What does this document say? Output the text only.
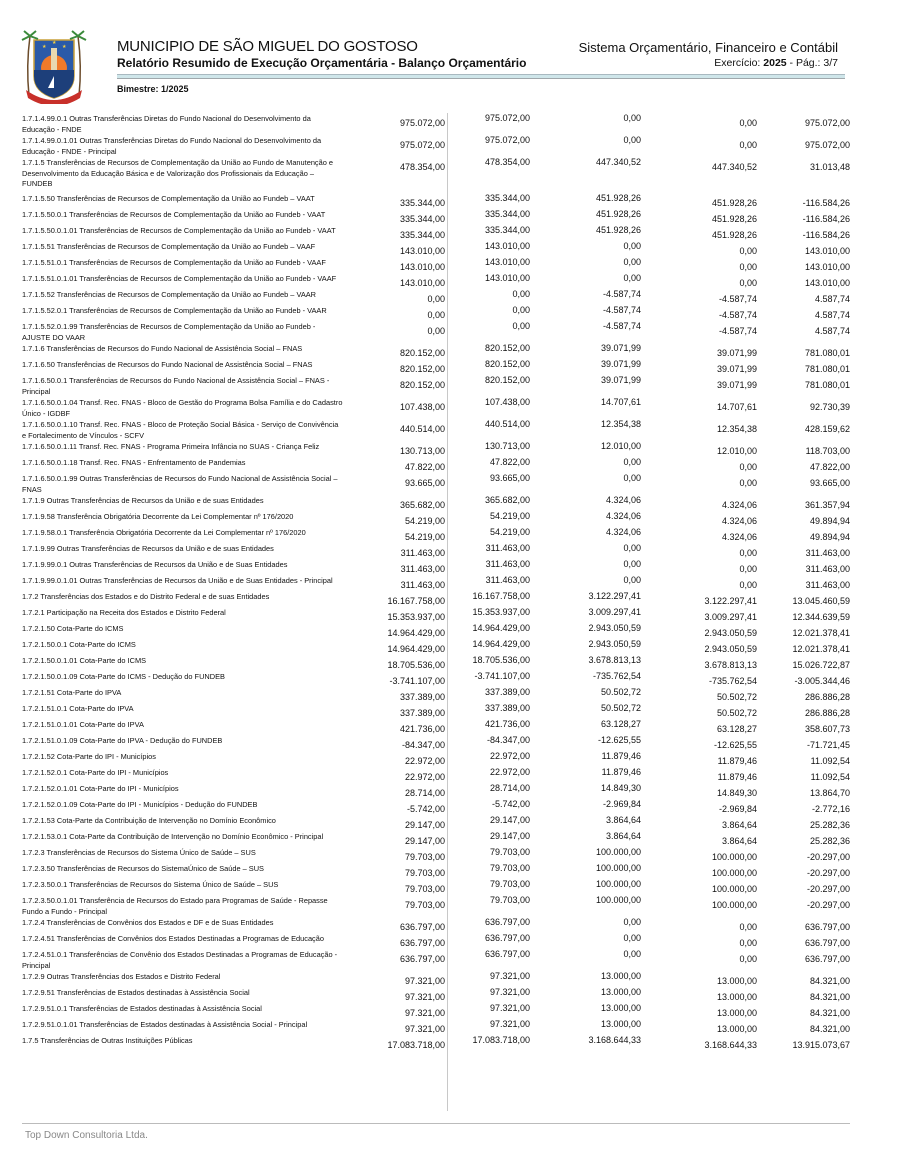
★	★
★	MUNICIPIO DE SÃO MIGUEL DO GOSTOSO
Relatório Resumido de Execução Orçamentária - Balanço Orçamentário
Sistema Orçamentário, Financeiro e Contábil
Exercício: 2025 - Pág.: 3/7
Bimestre: 1/2025
1.7.1.4.99.0.1 Outras Transferências Diretas do Fundo Nacional do Desenvolvimento da Educação - FNDE
975.072,00	975.072,00	0,00	0,00	975.072,00
1.7.1.4.99.0.1.01 Outras Transferências Diretas do Fundo Nacional do Desenvolvimento da Educação - FNDE - Principal
975.072,00	975.072,00	0,00	0,00	975.072,00
1.7.1.5 Transferências de Recursos de Complementação da União ao Fundo de Manutenção e Desenvolvimento da Educação Básica e de Valorização dos Profissionais da Educação – FUNDEB
478.354,00	478.354,00	447.340,52	447.340,52	31.013,48
1.7.1.5.50 Transferências de Recursos de Complementação da União ao Fundeb – VAAT	335.344,00	335.344,00	451.928,26	451.928,26	-116.584,26
1.7.1.5.50.0.1 Transferências de Recursos de Complementação da União ao Fundeb - VAAT	335.344,00	335.344,00	451.928,26	451.928,26	-116.584,26
1.7.1.5.50.0.1.01 Transferências de Recursos de Complementação da União ao Fundeb - VAAT	335.344,00	335.344,00	451.928,26	451.928,26	-116.584,26
1.7.1.5.51 Transferências de Recursos de Complementação da União ao Fundeb – VAAF	143.010,00	143.010,00	0,00	0,00	143.010,00
1.7.1.5.51.0.1 Transferências de Recursos de Complementação da União ao Fundeb - VAAF	143.010,00	143.010,00	0,00	0,00	143.010,00
1.7.1.5.51.0.1.01 Transferências de Recursos de Complementação da União ao Fundeb - VAAF	143.010,00	143.010,00	0,00	0,00	143.010,00
1.7.1.5.52 Transferências de Recursos de Complementação da União ao Fundeb – VAAR	0,00	0,00	-4.587,74	-4.587,74	4.587,74
1.7.1.5.52.0.1 Transferências de Recursos de Complementação da União ao Fundeb - VAAR	0,00	0,00	-4.587,74	-4.587,74	4.587,74
1.7.1.5.52.0.1.99 Transferências de Recursos de Complementação da União ao Fundeb - AJUSTE DO VAAR
0,00	0,00	-4.587,74	-4.587,74	4.587,74
1.7.1.6 Transferências de Recursos do Fundo Nacional de Assistência Social – FNAS	820.152,00	820.152,00	39.071,99	39.071,99	781.080,01
1.7.1.6.50 Transferências de Recursos do Fundo Nacional de Assistência Social – FNAS	820.152,00	820.152,00	39.071,99	39.071,99	781.080,01
1.7.1.6.50.0.1 Transferências de Recursos do Fundo Nacional de Assistência Social – FNAS - Principal
820.152,00	820.152,00	39.071,99	39.071,99	781.080,01
1.7.1.6.50.0.1.04 Transf. Rec. FNAS - Bloco de Gestão do Programa Bolsa Família e do Cadastro Único - IGDBF
107.438,00	107.438,00	14.707,61	14.707,61	92.730,39
1.7.1.6.50.0.1.10 Transf. Rec. FNAS - Bloco de Proteção Social Básica - Serviço de Convivência e Fortalecimento de Vínculos - SCFV
440.514,00	440.514,00	12.354,38	12.354,38	428.159,62
1.7.1.6.50.0.1.11 Transf. Rec. FNAS - Programa Primeira Infância no SUAS - Criança Feliz	130.713,00	130.713,00	12.010,00	12.010,00	118.703,00
1.7.1.6.50.0.1.18 Transf. Rec. FNAS - Enfrentamento de Pandemias	47.822,00	47.822,00	0,00	0,00	47.822,00
1.7.1.6.50.0.1.99 Outras Transferências de Recursos do Fundo Nacional de Assistência Social – FNAS
93.665,00	93.665,00	0,00	0,00	93.665,00
1.7.1.9 Outras Transferências de Recursos da União e de suas Entidades	365.682,00	365.682,00	4.324,06	4.324,06	361.357,94
1.7.1.9.58 Transferência Obrigatória Decorrente da Lei Complementar nº 176/2020	54.219,00	54.219,00	4.324,06	4.324,06	49.894,94
1.7.1.9.58.0.1 Transferência Obrigatória Decorrente da Lei Complementar nº 176/2020	54.219,00	54.219,00	4.324,06	4.324,06	49.894,94
1.7.1.9.99 Outras Transferências de Recursos da União e de suas Entidades	311.463,00	311.463,00	0,00	0,00	311.463,00
1.7.1.9.99.0.1 Outras Transferências de Recursos da União e de Suas Entidades	311.463,00	311.463,00	0,00	0,00	311.463,00
1.7.1.9.99.0.1.01 Outras Transferências de Recursos da União e de Suas Entidades - Principal	311.463,00	311.463,00	0,00	0,00	311.463,00
1.7.2 Transferências dos Estados e do Distrito Federal e de suas Entidades	16.167.758,00	16.167.758,00	3.122.297,41	3.122.297,41	13.045.460,59
1.7.2.1 Participação na Receita dos Estados e Distrito Federal	15.353.937,00	15.353.937,00	3.009.297,41	3.009.297,41	12.344.639,59
1.7.2.1.50 Cota-Parte do ICMS	14.964.429,00	14.964.429,00	2.943.050,59	2.943.050,59	12.021.378,41
1.7.2.1.50.0.1 Cota-Parte do ICMS	14.964.429,00	14.964.429,00	2.943.050,59	2.943.050,59	12.021.378,41
1.7.2.1.50.0.1.01 Cota-Parte do ICMS	18.705.536,00	18.705.536,00	3.678.813,13	3.678.813,13	15.026.722,87
1.7.2.1.50.0.1.09 Cota-Parte do ICMS - Dedução do FUNDEB	-3.741.107,00	-3.741.107,00	-735.762,54	-735.762,54	-3.005.344,46
1.7.2.1.51 Cota-Parte do IPVA	337.389,00	337.389,00	50.502,72	50.502,72	286.886,28
1.7.2.1.51.0.1 Cota-Parte do IPVA	337.389,00	337.389,00	50.502,72	50.502,72	286.886,28
1.7.2.1.51.0.1.01 Cota-Parte do IPVA	421.736,00	421.736,00	63.128,27	63.128,27	358.607,73
1.7.2.1.51.0.1.09 Cota-Parte do IPVA - Dedução do FUNDEB	-84.347,00	-84.347,00	-12.625,55	-12.625,55	-71.721,45
1.7.2.1.52 Cota-Parte do IPI - Municípios	22.972,00	22.972,00	11.879,46	11.879,46	11.092,54
1.7.2.1.52.0.1 Cota-Parte do IPI - Municípios	22.972,00	22.972,00	11.879,46	11.879,46	11.092,54
1.7.2.1.52.0.1.01 Cota-Parte do IPI - Municípios	28.714,00	28.714,00	14.849,30	14.849,30	13.864,70
1.7.2.1.52.0.1.09 Cota-Parte do IPI - Municípios - Dedução do FUNDEB	-5.742,00	-5.742,00	-2.969,84	-2.969,84	-2.772,16
1.7.2.1.53 Cota-Parte da Contribuição de Intervenção no Domínio Econômico	29.147,00	29.147,00	3.864,64	3.864,64	25.282,36
1.7.2.1.53.0.1 Cota-Parte da Contribuição de Intervenção no Domínio Econômico - Principal	29.147,00	29.147,00	3.864,64	3.864,64	25.282,36
1.7.2.3 Transferências de Recursos do Sistema Único de Saúde – SUS	79.703,00	79.703,00	100.000,00	100.000,00	-20.297,00
1.7.2.3.50 Transferências de Recursos do SistemaÚnico de Saúde – SUS	79.703,00	79.703,00	100.000,00	100.000,00	-20.297,00
1.7.2.3.50.0.1 Transferências de Recursos do Sistema Único de Saúde – SUS	79.703,00	79.703,00	100.000,00	100.000,00	-20.297,00
1.7.2.3.50.0.1.01 Transferência de Recursos do Estado para Programas de Saúde - Repasse Fundo a Fundo - Principal
79.703,00	79.703,00	100.000,00	100.000,00	-20.297,00
1.7.2.4 Transferências de Convênios dos Estados e DF e de Suas Entidades	636.797,00	636.797,00	0,00	0,00	636.797,00
1.7.2.4.51 Transferências de Convênios dos Estados Destinadas a Programas de Educação	636.797,00	636.797,00	0,00	0,00	636.797,00
1.7.2.4.51.0.1 Transferências de Convênio dos Estados Destinadas a Programas de Educação - Principal
636.797,00	636.797,00	0,00	0,00	636.797,00
1.7.2.9 Outras Transferências dos Estados e Distrito Federal	97.321,00	97.321,00	13.000,00	13.000,00	84.321,00
1.7.2.9.51 Transferências de Estados destinadas à Assistência Social	97.321,00	97.321,00	13.000,00	13.000,00	84.321,00
1.7.2.9.51.0.1 Transferências de Estados destinadas à Assistência Social	97.321,00	97.321,00	13.000,00	13.000,00	84.321,00
1.7.2.9.51.0.1.01 Transferências de Estados destinadas à Assistência Social - Principal	97.321,00	97.321,00	13.000,00	13.000,00	84.321,00
1.7.5 Transferências de Outras Instituições Públicas	17.083.718,00	17.083.718,00	3.168.644,33	3.168.644,33	13.915.073,67
Top Down Consultoria Ltda.
